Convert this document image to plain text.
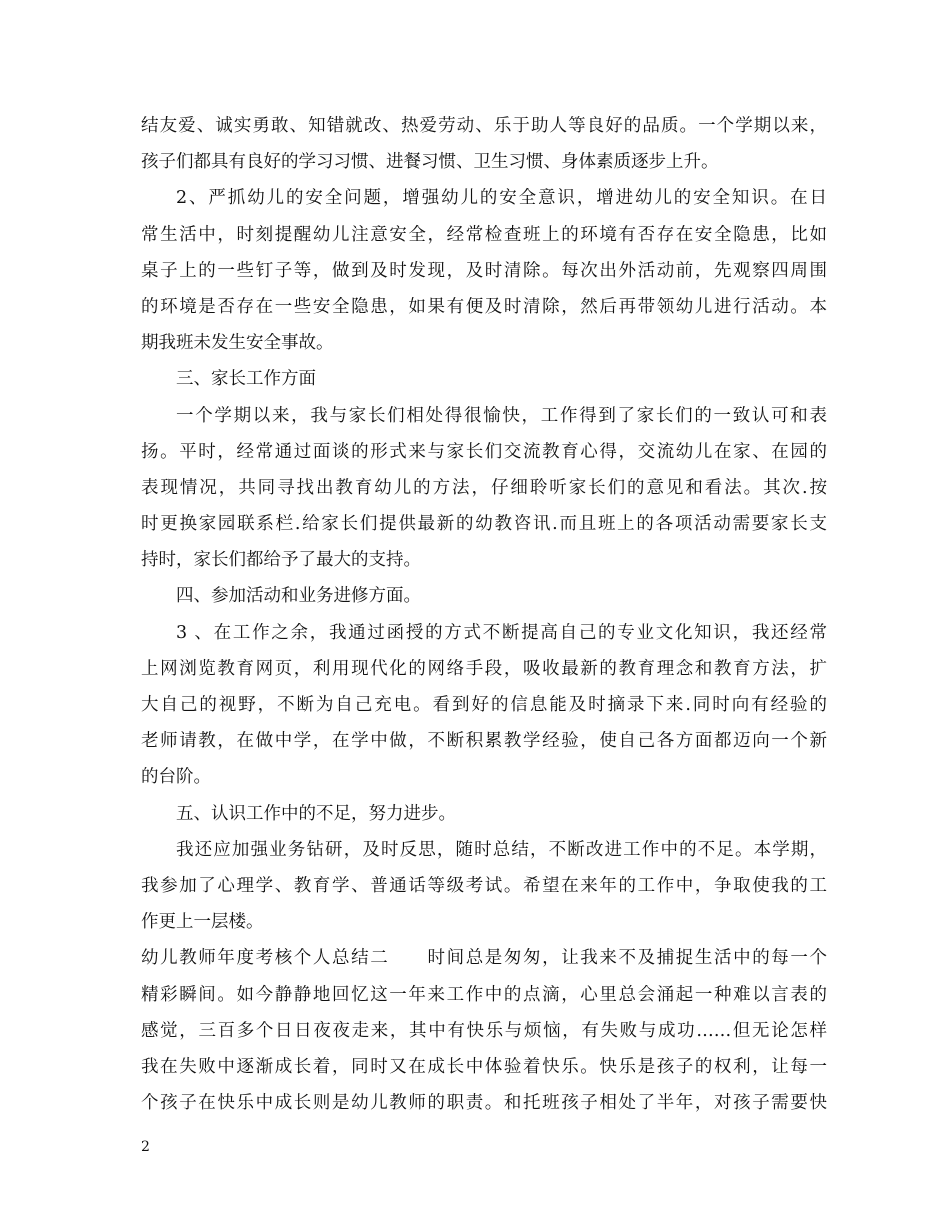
结友爱、诚实勇敢、知错就改、热爱劳动、乐于助人等良好的品质。一个学期以来，
孩子们都具有良好的学习习惯、进餐习惯、卫生习惯、身体素质逐步上升。
2、严抓幼儿的安全问题，增强幼儿的安全意识，增进幼儿的安全知识。在日
常生活中，时刻提醒幼儿注意安全，经常检查班上的环境有否存在安全隐患，比如
桌子上的一些钉子等，做到及时发现，及时清除。每次出外活动前，先观察四周围
的环境是否存在一些安全隐患，如果有便及时清除，然后再带领幼儿进行活动。本
期我班未发生安全事故。
三、家长工作方面
一个学期以来，我与家长们相处得很愉快，工作得到了家长们的一致认可和表
扬。平时，经常通过面谈的形式来与家长们交流教育心得，交流幼儿在家、在园的
表现情况，共同寻找出教育幼儿的方法，仔细聆听家长们的意见和看法。其次.按
时更换家园联系栏.给家长们提供最新的幼教咨讯.而且班上的各项活动需要家长支
持时，家长们都给予了最大的支持。
四、参加活动和业务进修方面。
3 、在工作之余，我通过函授的方式不断提高自己的专业文化知识，我还经常
上网浏览教育网页，利用现代化的网络手段，吸收最新的教育理念和教育方法，扩
大自己的视野，不断为自己充电。看到好的信息能及时摘录下来.同时向有经验的
老师请教，在做中学，在学中做，不断积累教学经验，使自己各方面都迈向一个新
的台阶。
五、认识工作中的不足，努力进步。
我还应加强业务钻研，及时反思，随时总结，不断改进工作中的不足。本学期，
我参加了心理学、教育学、普通话等级考试。希望在来年的工作中，争取使我的工
作更上一层楼。
幼儿教师年度考核个人总结二　　时间总是匆匆，让我来不及捕捉生活中的每一个
精彩瞬间。如今静静地回忆这一年来工作中的点滴，心里总会涌起一种难以言表的
感觉，三百多个日日夜夜走来，其中有快乐与烦恼，有失败与成功……但无论怎样
我在失败中逐渐成长着，同时又在成长中体验着快乐。快乐是孩子的权利，让每一
个孩子在快乐中成长则是幼儿教师的职责。和托班孩子相处了半年，对孩子需要快
2
